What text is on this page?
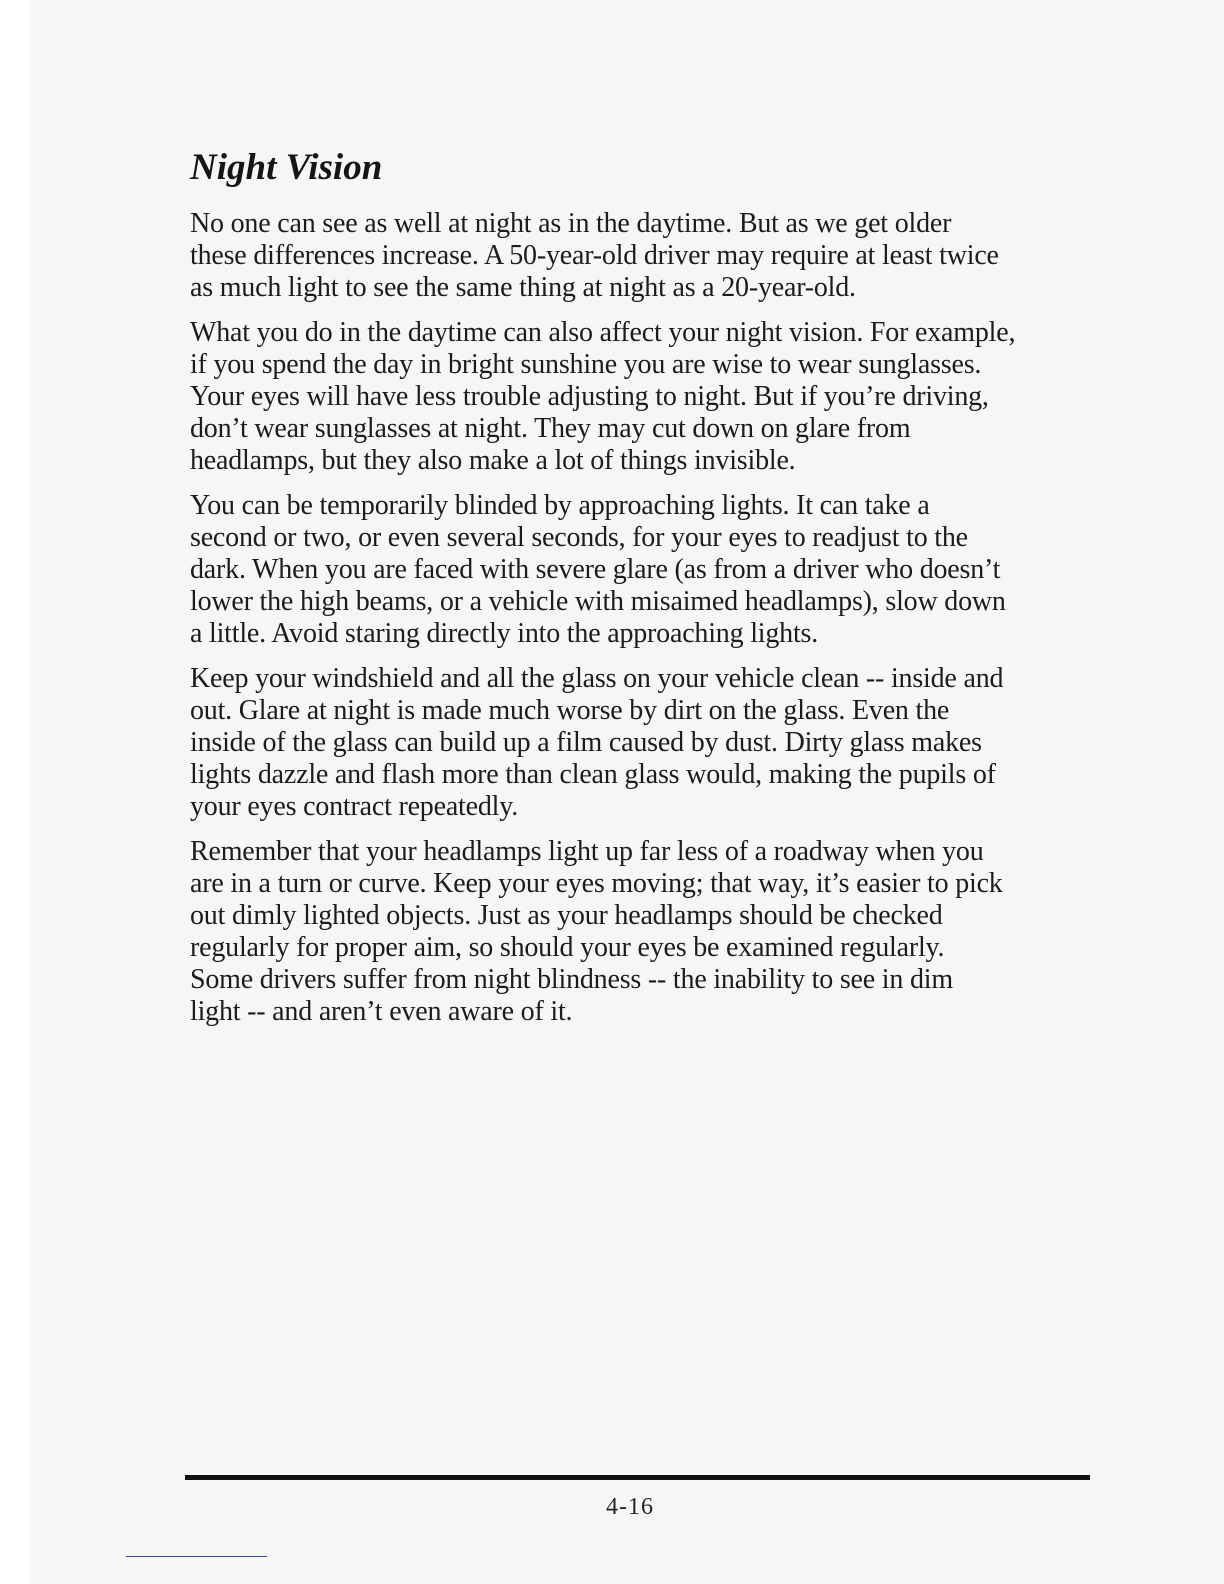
Night Vision

No one can see as well at night as in the daytime. But as we get older
these differences increase. A 50-year-old driver may require at least twice
as much light to see the same thing at night as a 20-year-old.

What you do in the daytime can also affect your night vision. For example,
if you spend the day in bright sunshine you are wise to wear sunglasses.
Your eyes will have less trouble adjusting to night. But if you’re driving,
don’t wear sunglasses at night. They may cut down on glare from
headlamps, but they also make a lot of things invisible.

You can be temporarily blinded by approaching lights. It can take a
second or two, or even several seconds, for your eyes to readjust to the
dark. When you are faced with severe glare (as from a driver who doesn’t
lower the high beams, or a vehicle with misaimed headlamps), slow down
a little. Avoid staring directly into the approaching lights.

Keep your windshield and all the glass on your vehicle clean -- inside and
out. Glare at night is made much worse by dirt on the glass. Even the
inside of the glass can build up a film caused by dust. Dirty glass makes
lights dazzle and flash more than clean glass would, making the pupils of
your eyes contract repeatedly.

Remember that your headlamps light up far less of a roadway when you
are in a turn or curve. Keep your eyes moving; that way, it’s easier to pick
out dimly lighted objects. Just as your headlamps should be checked
regularly for proper aim, so should your eyes be examined regularly.
Some drivers suffer from night blindness -- the inability to see in dim
light -- and aren’t even aware of it.

4-16
